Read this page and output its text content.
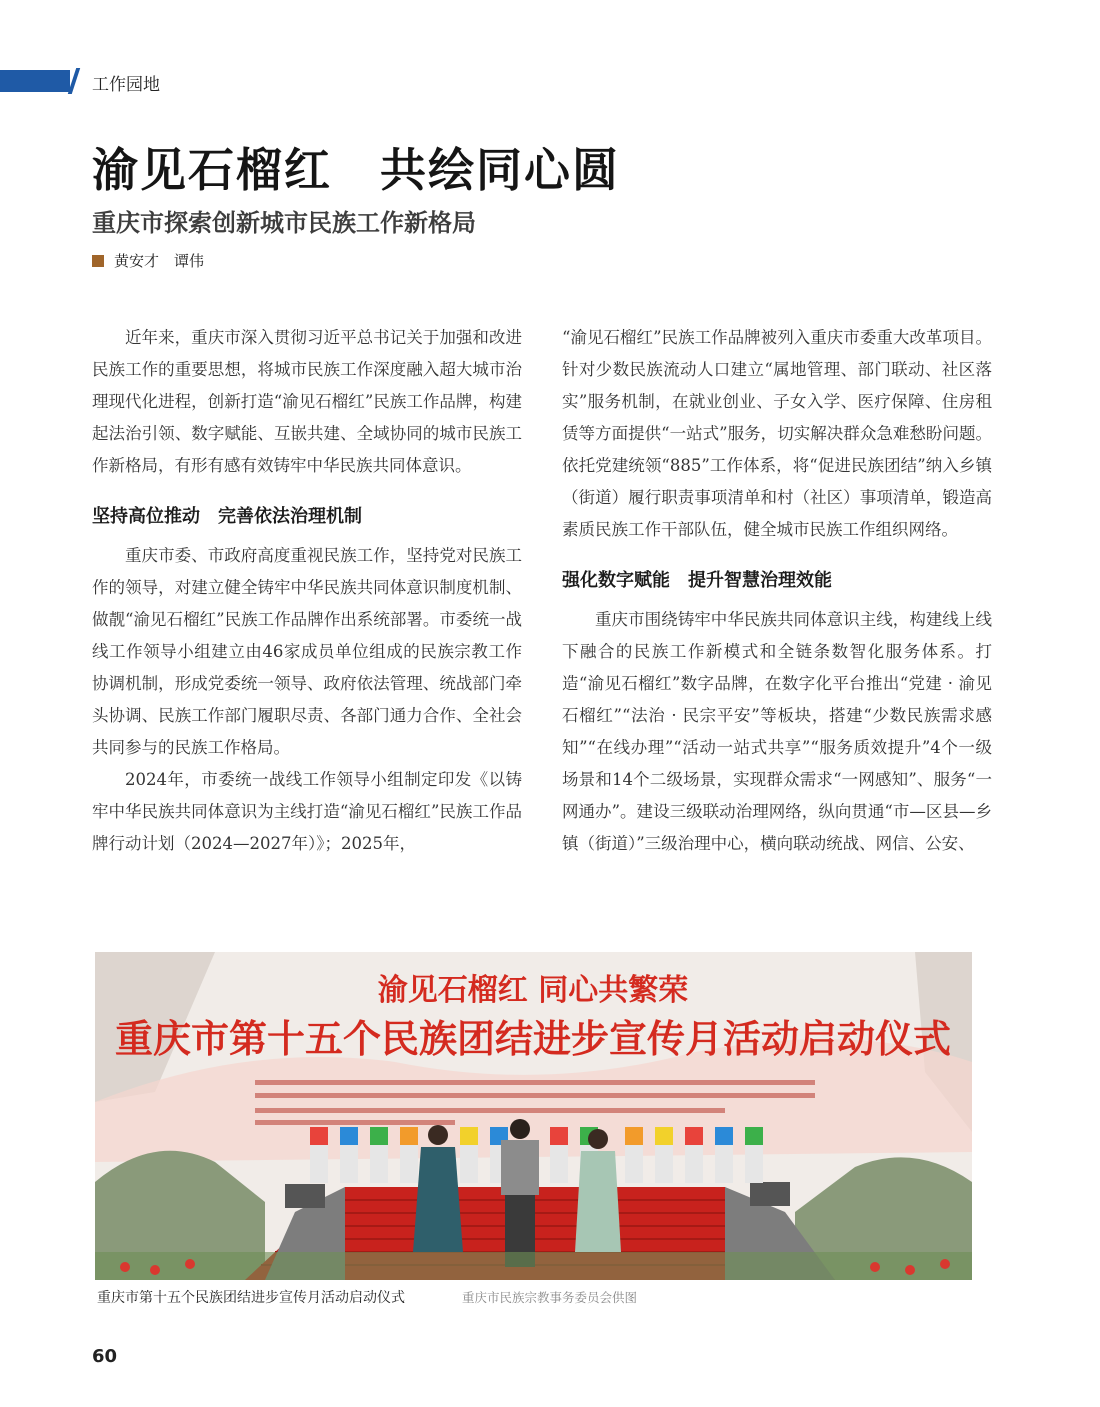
工作园地
渝见石榴红　共绘同心圆
重庆市探索创新城市民族工作新格局
黄安才　谭伟

近年来，重庆市深入贯彻习近平总书记关于加强和改进民族工作的重要思想，将城市民族工作深度融入超大城市治理现代化进程，创新打造“渝见石榴红”民族工作品牌，构建起法治引领、数字赋能、互嵌共建、全域协同的城市民族工作新格局，有形有感有效铸牢中华民族共同体意识。

坚持高位推动　完善依法治理机制

重庆市委、市政府高度重视民族工作，坚持党对民族工作的领导，对建立健全铸牢中华民族共同体意识制度机制、做靓“渝见石榴红”民族工作品牌作出系统部署。市委统一战线工作领导小组建立由46家成员单位组成的民族宗教工作协调机制，形成党委统一领导、政府依法管理、统战部门牵头协调、民族工作部门履职尽责、各部门通力合作、全社会共同参与的民族工作格局。

2024年，市委统一战线工作领导小组制定印发《以铸牢中华民族共同体意识为主线打造“渝见石榴红”民族工作品牌行动计划（2024—2027年）》；2025年，

“渝见石榴红”民族工作品牌被列入重庆市委重大改革项目。针对少数民族流动人口建立“属地管理、部门联动、社区落实”服务机制，在就业创业、子女入学、医疗保障、住房租赁等方面提供“一站式”服务，切实解决群众急难愁盼问题。依托党建统领“885”工作体系，将“促进民族团结”纳入乡镇（街道）履行职责事项清单和村（社区）事项清单，锻造高素质民族工作干部队伍，健全城市民族工作组织网络。

强化数字赋能　提升智慧治理效能

重庆市围绕铸牢中华民族共同体意识主线，构建线上线下融合的民族工作新模式和全链条数智化服务体系。打造“渝见石榴红”数字品牌，在数字化平台推出“党建 · 渝见石榴红”“法治 · 民宗平安”等板块，搭建“少数民族需求感知”“在线办理”“活动一站式共享”“服务质效提升”4个一级场景和14个二级场景，实现群众需求“一网感知”、服务“一网通办”。建设三级联动治理网络，纵向贯通“市—区县—乡镇（街道）”三级治理中心，横向联动统战、网信、公安、

渝见石榴红 同心共繁荣
重庆市第十五个民族团结进步宣传月活动启动仪式
重庆市第十五个民族团结进步宣传月活动启动仪式	重庆市民族宗教事务委员会供图
60
